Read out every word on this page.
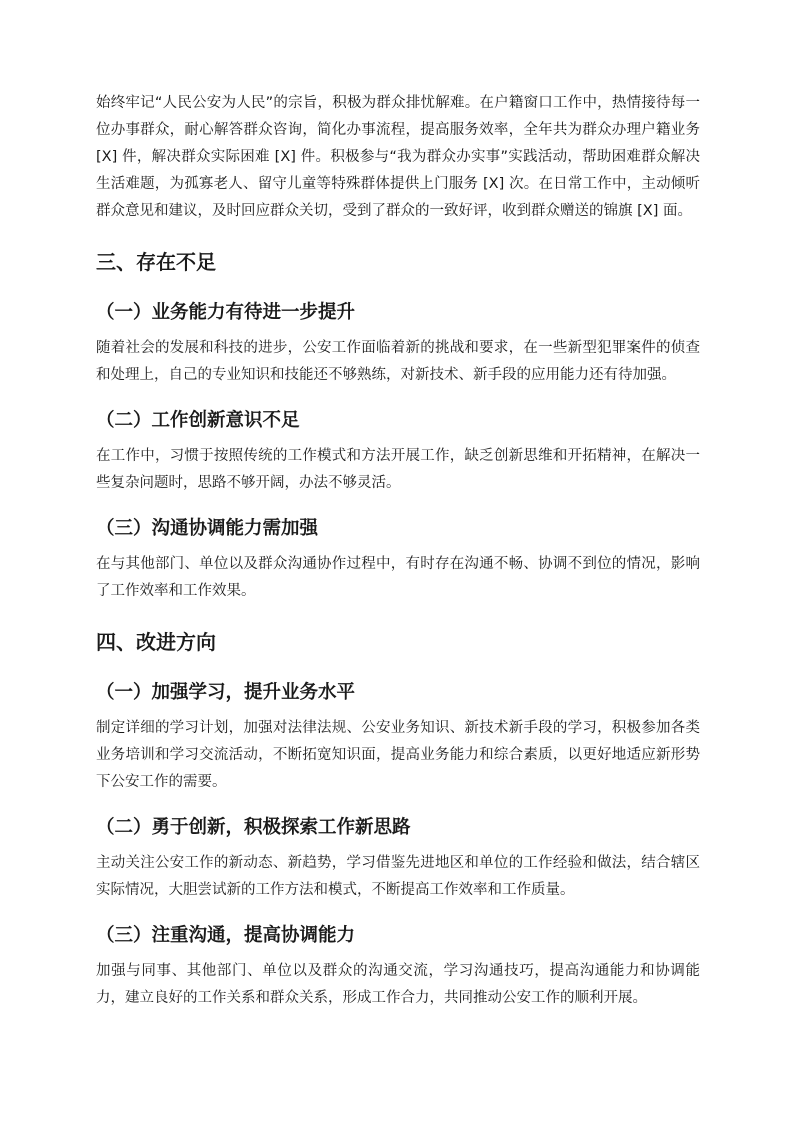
始终牢记“人民公安为人民”的宗旨，积极为群众排忧解难。在户籍窗口工作中，热情接待每一位办事群众，耐心解答群众咨询，简化办事流程，提高服务效率，全年共为群众办理户籍业务 [X] 件，解决群众实际困难 [X] 件。积极参与“我为群众办实事”实践活动，帮助困难群众解决生活难题，为孤寡老人、留守儿童等特殊群体提供上门服务 [X] 次。在日常工作中，主动倾听群众意见和建议，及时回应群众关切，受到了群众的一致好评，收到群众赠送的锦旗 [X] 面。

三、存在不足
（一）业务能力有待进一步提升

随着社会的发展和科技的进步，公安工作面临着新的挑战和要求，在一些新型犯罪案件的侦查和处理上，自己的专业知识和技能还不够熟练，对新技术、新手段的应用能力还有待加强。

（二）工作创新意识不足

在工作中，习惯于按照传统的工作模式和方法开展工作，缺乏创新思维和开拓精神，在解决一些复杂问题时，思路不够开阔，办法不够灵活。

（三）沟通协调能力需加强

在与其他部门、单位以及群众沟通协作过程中，有时存在沟通不畅、协调不到位的情况，影响了工作效率和工作效果。

四、改进方向
（一）加强学习，提升业务水平

制定详细的学习计划，加强对法律法规、公安业务知识、新技术新手段的学习，积极参加各类业务培训和学习交流活动，不断拓宽知识面，提高业务能力和综合素质，以更好地适应新形势下公安工作的需要。

（二）勇于创新，积极探索工作新思路

主动关注公安工作的新动态、新趋势，学习借鉴先进地区和单位的工作经验和做法，结合辖区实际情况，大胆尝试新的工作方法和模式，不断提高工作效率和工作质量。

（三）注重沟通，提高协调能力

加强与同事、其他部门、单位以及群众的沟通交流，学习沟通技巧，提高沟通能力和协调能力，建立良好的工作关系和群众关系，形成工作合力，共同推动公安工作的顺利开展。
